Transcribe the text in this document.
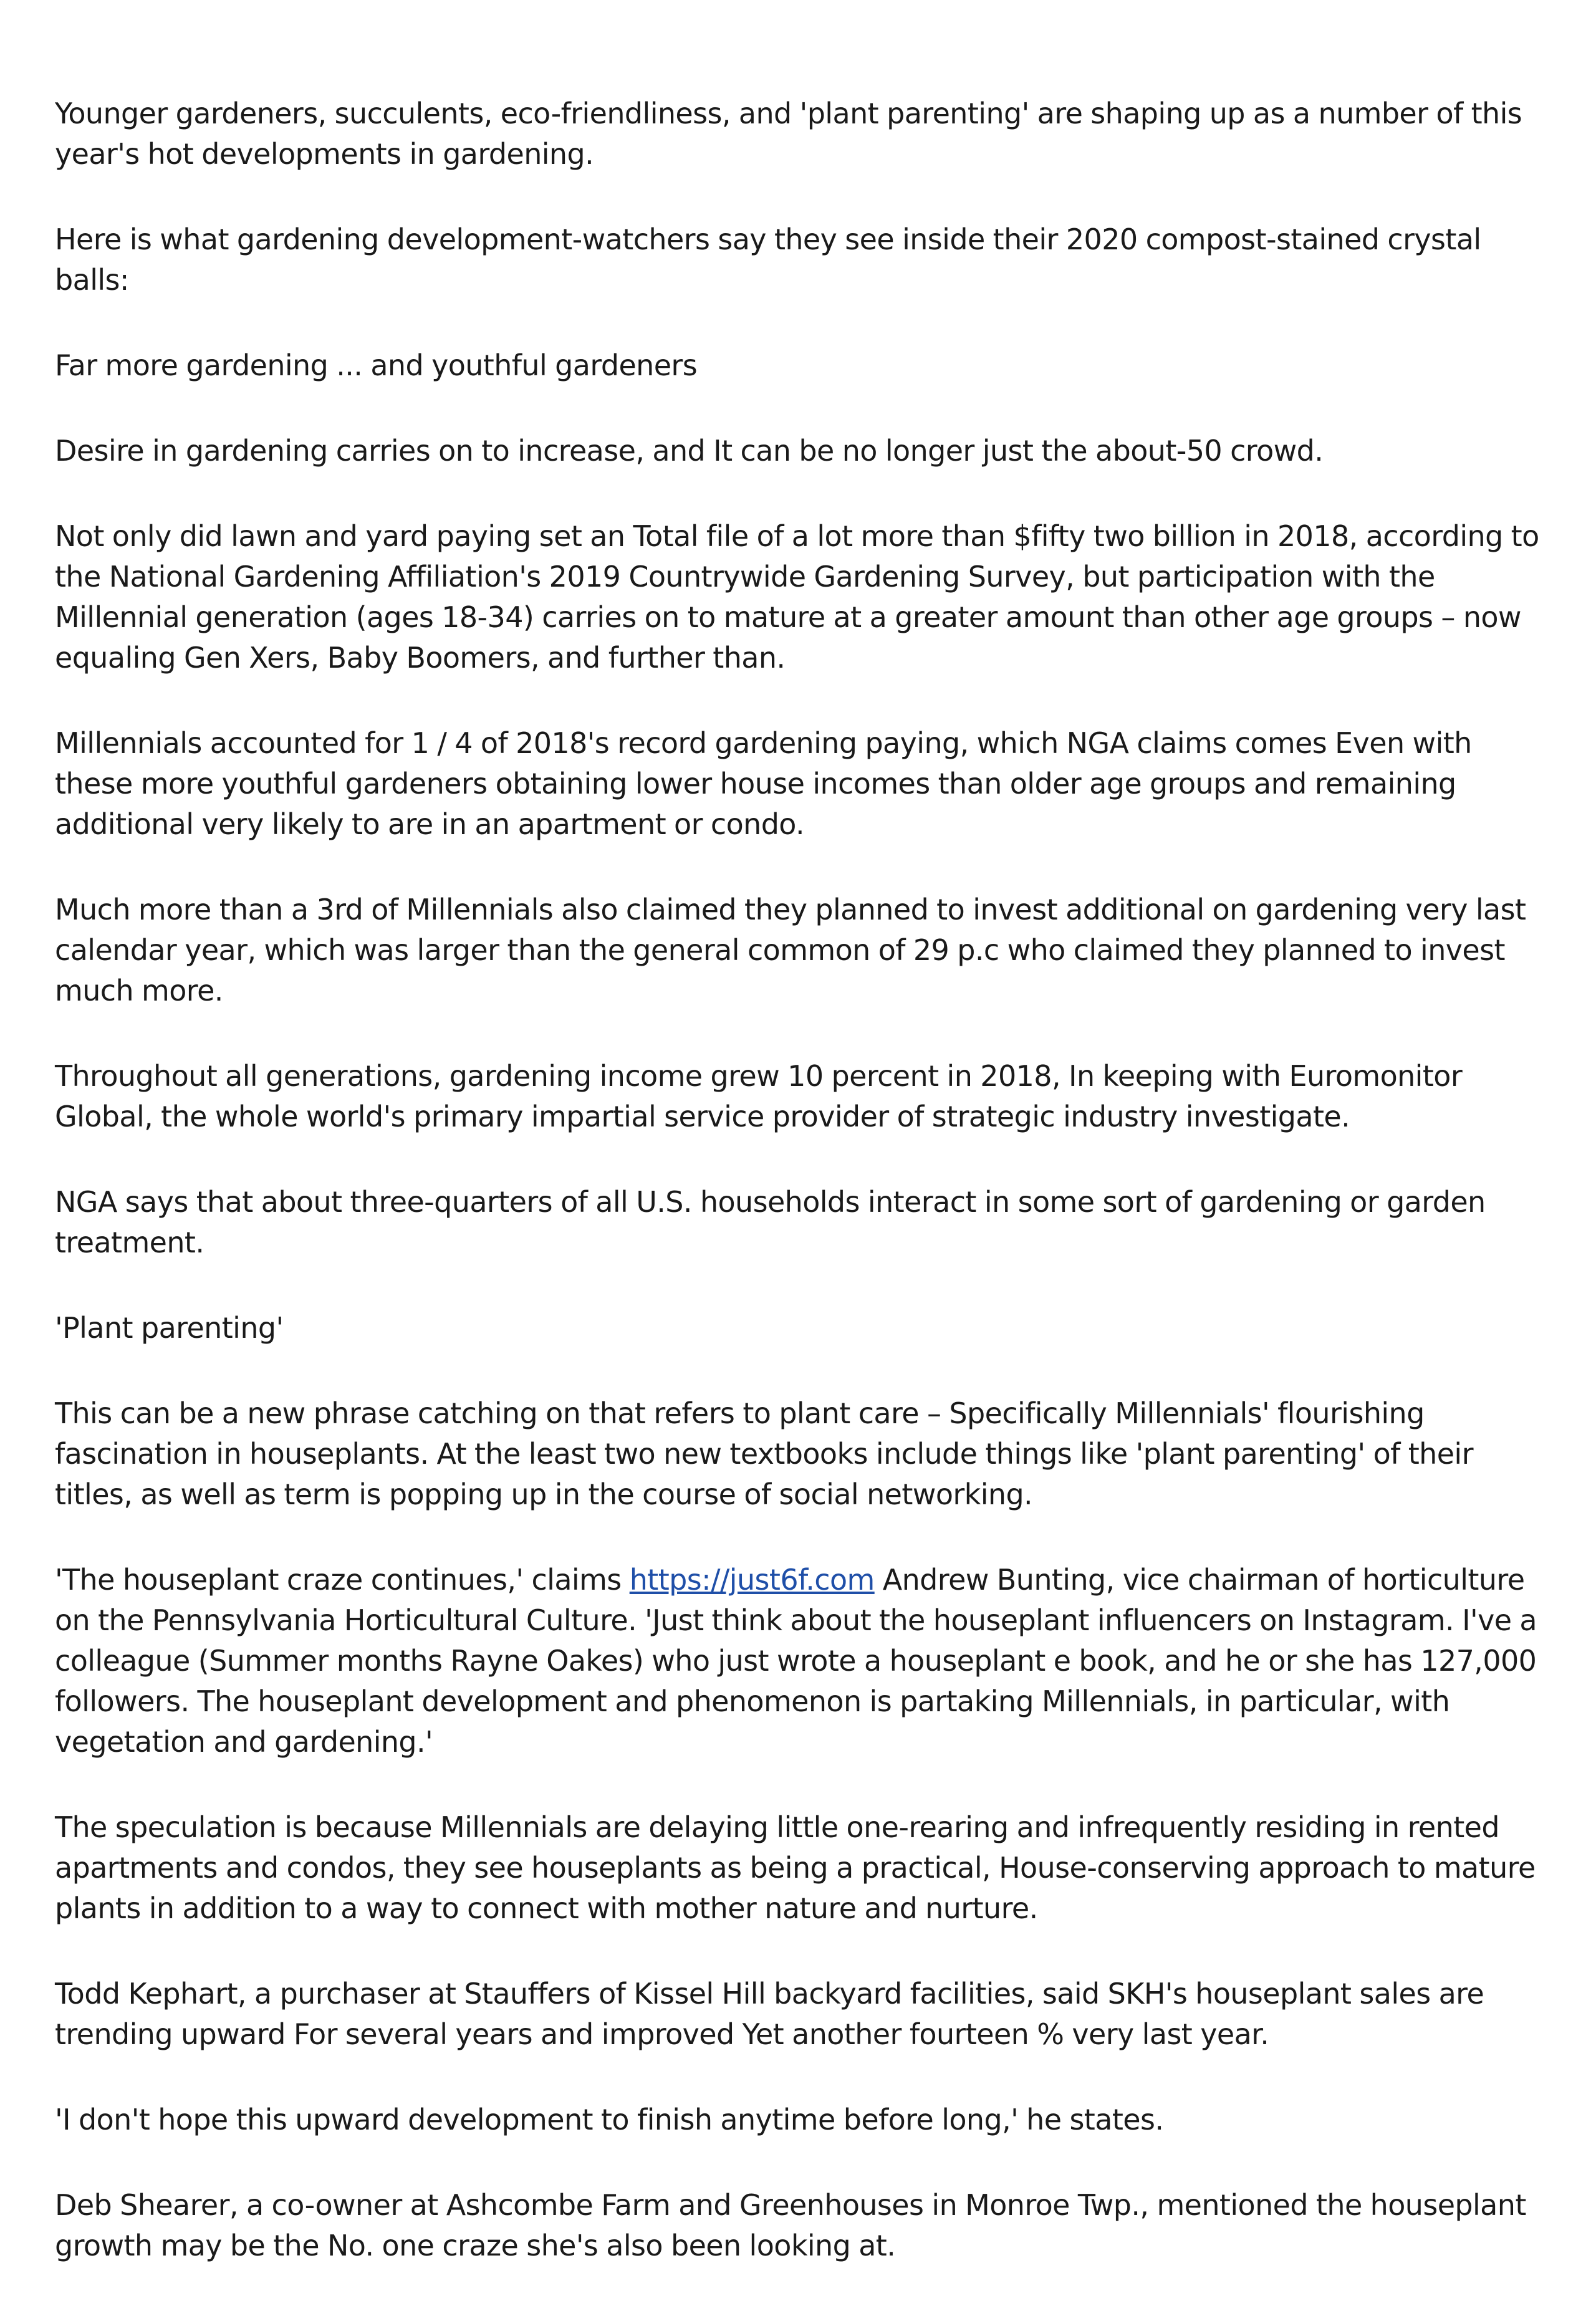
Younger gardeners, succulents, eco-friendliness, and 'plant parenting' are shaping up as a number of this year's hot developments in gardening.

Here is what gardening development-watchers say they see inside their 2020 compost-stained crystal balls:

Far more gardening ... and youthful gardeners

Desire in gardening carries on to increase, and It can be no longer just the about-50 crowd.

Not only did lawn and yard paying set an Total file of a lot more than $fifty two billion in 2018, according to the National Gardening Affiliation's 2019 Countrywide Gardening Survey, but participation with the Millennial generation (ages 18-34) carries on to mature at a greater amount than other age groups – now equaling Gen Xers, Baby Boomers, and further than.

Millennials accounted for 1 / 4 of 2018's record gardening paying, which NGA claims comes Even with these more youthful gardeners obtaining lower house incomes than older age groups and remaining additional very likely to are in an apartment or condo.

Much more than a 3rd of Millennials also claimed they planned to invest additional on gardening very last calendar year, which was larger than the general common of 29 p.c who claimed they planned to invest much more.

Throughout all generations, gardening income grew 10 percent in 2018, In keeping with Euromonitor Global, the whole world's primary impartial service provider of strategic industry investigate.

NGA says that about three-quarters of all U.S. households interact in some sort of gardening or garden treatment.

'Plant parenting'

This can be a new phrase catching on that refers to plant care – Specifically Millennials' flourishing fascination in houseplants. At the least two new textbooks include things like 'plant parenting' of their titles, as well as term is popping up in the course of social networking.

'The houseplant craze continues,' claims https://just6f.com Andrew Bunting, vice chairman of horticulture on the Pennsylvania Horticultural Culture. 'Just think about the houseplant influencers on Instagram. I've a colleague (Summer months Rayne Oakes) who just wrote a houseplant e book, and he or she has 127,000 followers. The houseplant development and phenomenon is partaking Millennials, in particular, with vegetation and gardening.'

The speculation is because Millennials are delaying little one-rearing and infrequently residing in rented apartments and condos, they see houseplants as being a practical, House-conserving approach to mature plants in addition to a way to connect with mother nature and nurture.

Todd Kephart, a purchaser at Stauffers of Kissel Hill backyard facilities, said SKH's houseplant sales are trending upward For several years and improved Yet another fourteen % very last year.

'I don't hope this upward development to finish anytime before long,' he states.

Deb Shearer, a co-owner at Ashcombe Farm and Greenhouses in Monroe Twp., mentioned the houseplant growth may be the No. one craze she's also been looking at.
